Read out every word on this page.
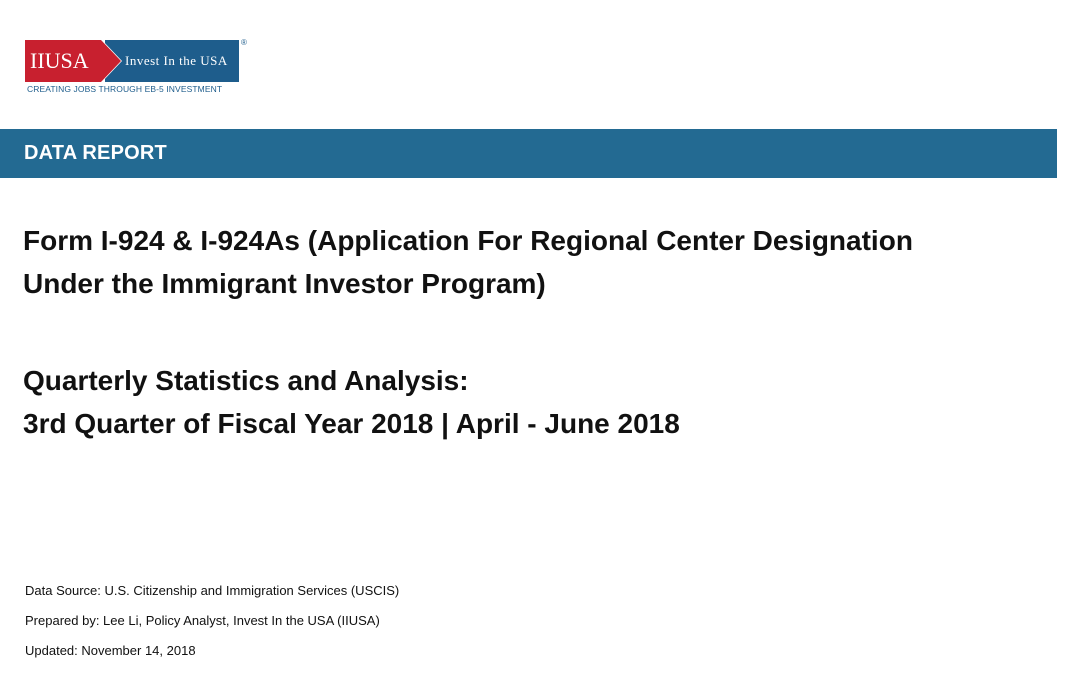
IIUSA	Invest In the USA
®
CREATING JOBS THROUGH EB-5 INVESTMENT
DATA REPORT
Form I-924 & I-924As (Application For Regional Center Designation
Under the Immigrant Investor Program)
Quarterly Statistics and Analysis:
3rd Quarter of Fiscal Year 2018 | April - June 2018
Data Source: U.S. Citizenship and Immigration Services (USCIS)
Prepared by: Lee Li, Policy Analyst, Invest In the USA (IIUSA)
Updated: November 14, 2018
